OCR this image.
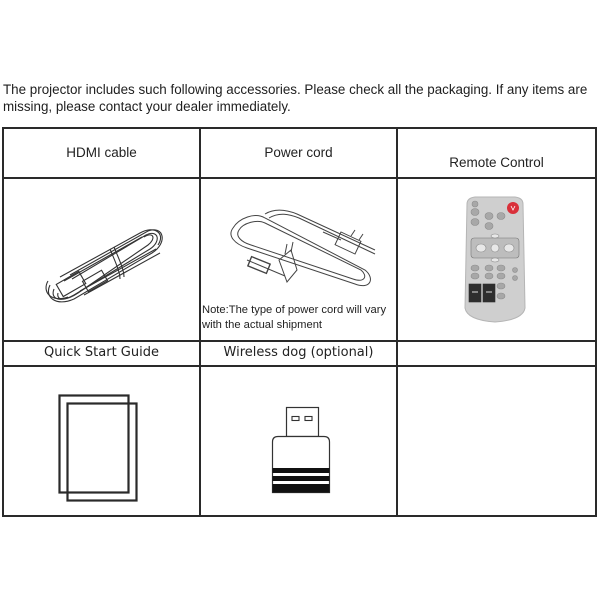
The projector includes such following accessories. Please check all the packaging. If any items are missing, please contact your dealer immediately.
HDMI cable	Power cord
Remote Control
Note:The type of power cord will vary with the actual shipment
Quick Start Guide	Wireless dog (optional)
